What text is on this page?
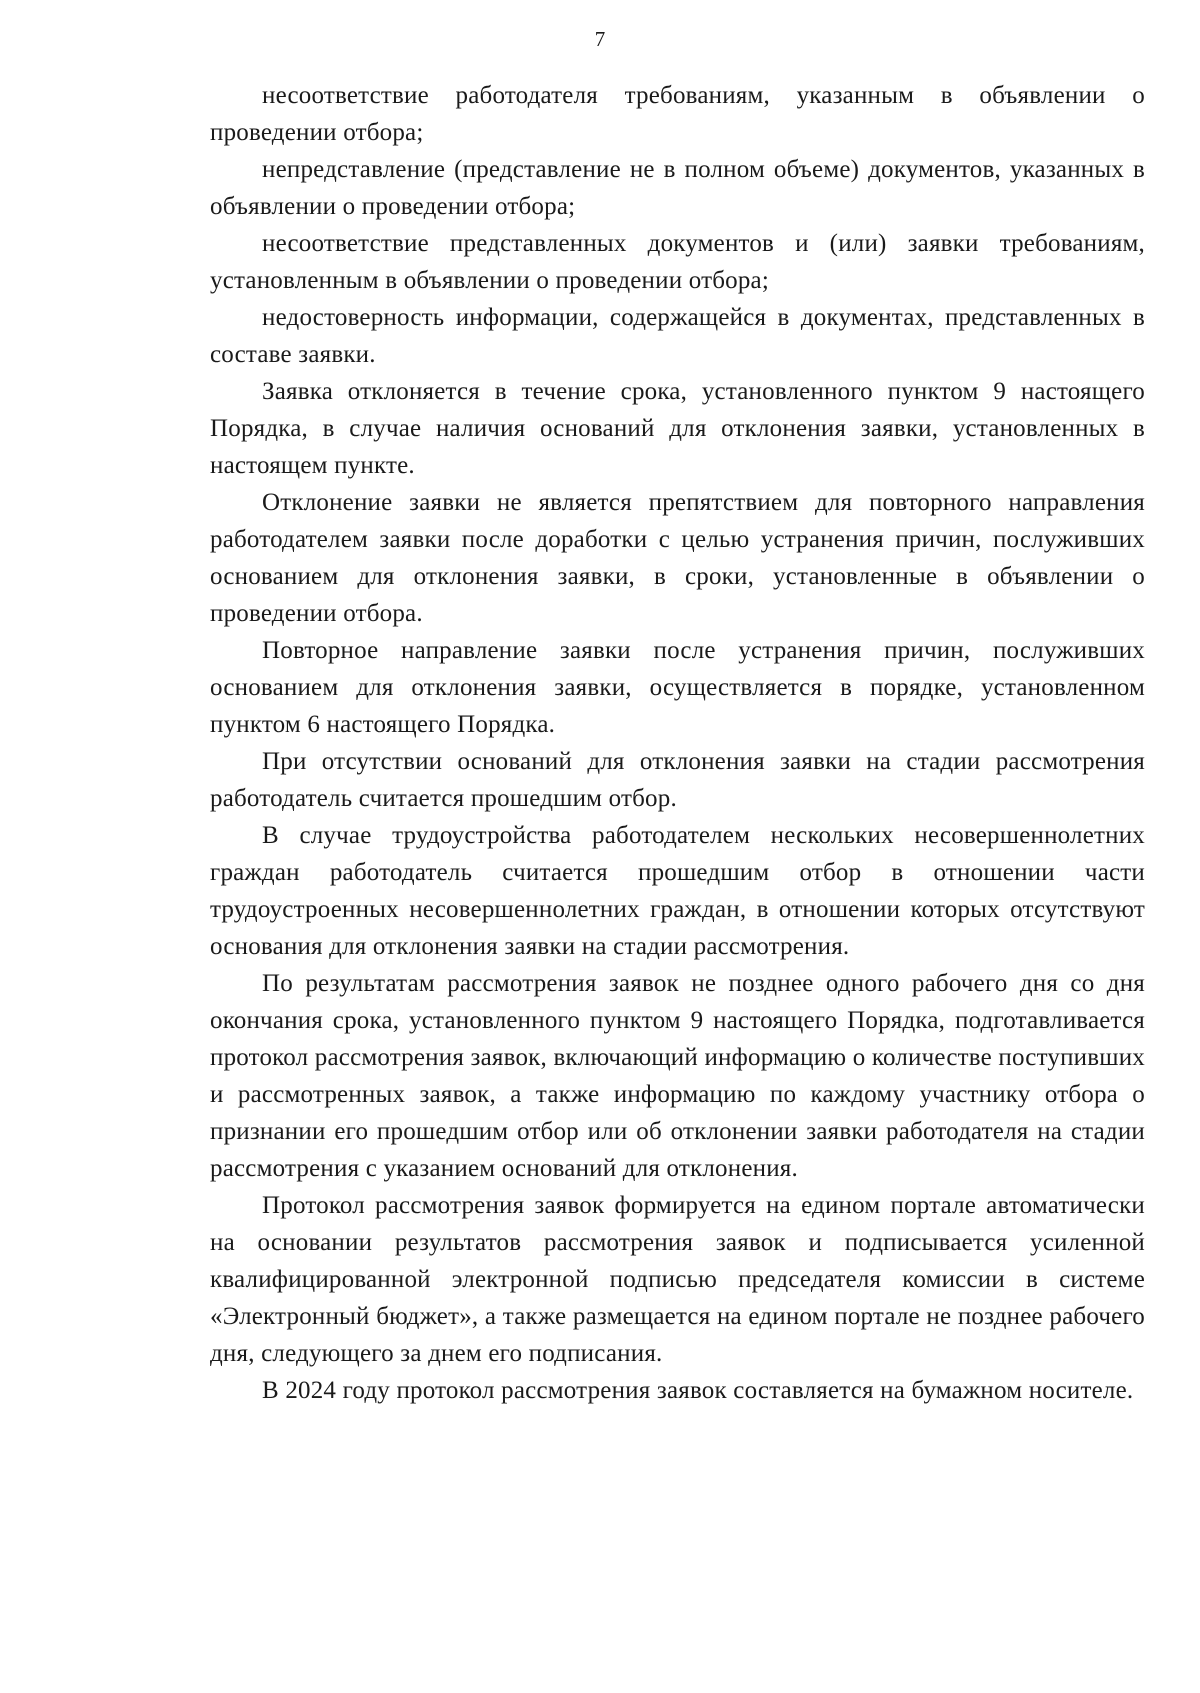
7

несоответствие работодателя требованиям, указанным в объявлении о проведении отбора;

непредставление (представление не в полном объеме) документов, указанных в объявлении о проведении отбора;

несоответствие представленных документов и (или) заявки требованиям, установленным в объявлении о проведении отбора;

недостоверность информации, содержащейся в документах, представленных в составе заявки.

Заявка отклоняется в течение срока, установленного пунктом 9 настоящего Порядка, в случае наличия оснований для отклонения заявки, установленных в настоящем пункте.

Отклонение заявки не является препятствием для повторного направления работодателем заявки после доработки с целью устранения причин, послуживших основанием для отклонения заявки, в сроки, установленные в объявлении о проведении отбора.

Повторное направление заявки после устранения причин, послуживших основанием для отклонения заявки, осуществляется в порядке, установленном пунктом 6 настоящего Порядка.

При отсутствии оснований для отклонения заявки на стадии рассмотрения работодатель считается прошедшим отбор.

В случае трудоустройства работодателем нескольких несовершеннолетних граждан работодатель считается прошедшим отбор в отношении части трудоустроенных несовершеннолетних граждан, в отношении которых отсутствуют основания для отклонения заявки на стадии рассмотрения.

По результатам рассмотрения заявок не позднее одного рабочего дня со дня окончания срока, установленного пунктом 9 настоящего Порядка, подготавливается протокол рассмотрения заявок, включающий информацию о количестве поступивших и рассмотренных заявок, а также информацию по каждому участнику отбора о признании его прошедшим отбор или об отклонении заявки работодателя на стадии рассмотрения с указанием оснований для отклонения.

Протокол рассмотрения заявок формируется на едином портале автоматически на основании результатов рассмотрения заявок и подписывается усиленной квалифицированной электронной подписью председателя комиссии в системе «Электронный бюджет», а также размещается на едином портале не позднее рабочего дня, следующего за днем его подписания.

В 2024 году протокол рассмотрения заявок составляется на бумажном носителе.
